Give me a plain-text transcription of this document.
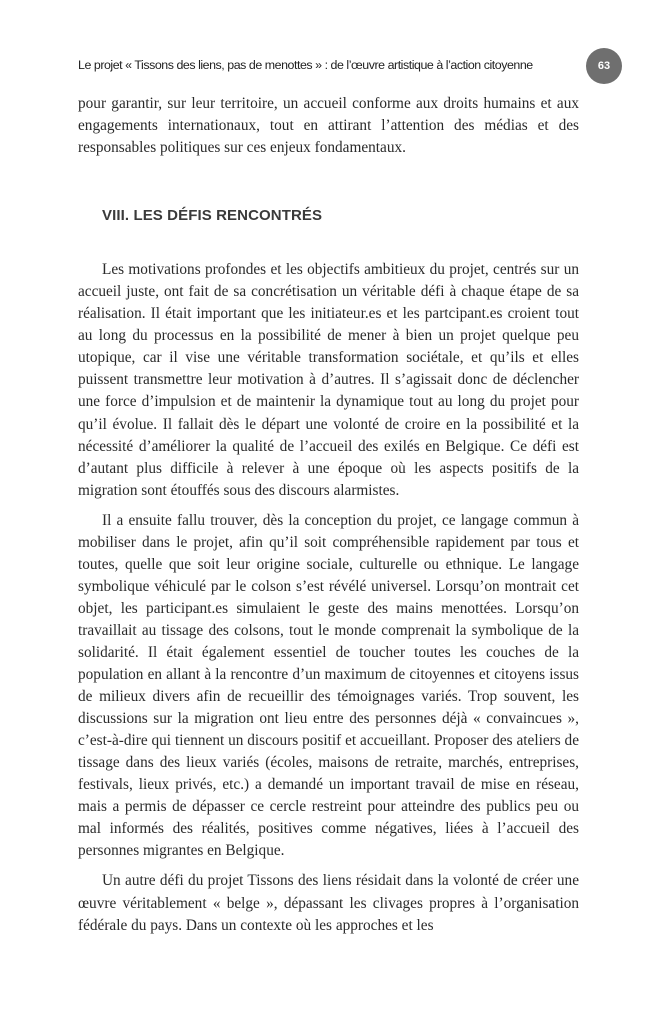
Le projet « Tissons des liens, pas de menottes » : de l’œuvre artistique à l’action citoyenne	63

pour garantir, sur leur territoire, un accueil conforme aux droits humains et aux engagements internationaux, tout en attirant l’attention des médias et des responsables politiques sur ces enjeux fondamentaux.

VIII. LES DÉFIS RENCONTRÉS

Les motivations profondes et les objectifs ambitieux du projet, centrés sur un accueil juste, ont fait de sa concrétisation un véritable défi à chaque étape de sa réalisation. Il était important que les initiateur.es et les partcipant.es croient tout au long du processus en la possibilité de mener à bien un projet quelque peu utopique, car il vise une véritable transformation sociétale, et qu’ils et elles puissent transmettre leur motivation à d’autres. Il s’agissait donc de déclencher une force d’impulsion et de maintenir la dynamique tout au long du projet pour qu’il évolue. Il fallait dès le départ une volonté de croire en la possibilité et la nécessité d’améliorer la qualité de l’accueil des exilés en Belgique. Ce défi est d’autant plus difficile à relever à une époque où les aspects positifs de la migration sont étouffés sous des discours alarmistes.

Il a ensuite fallu trouver, dès la conception du projet, ce langage commun à mobiliser dans le projet, afin qu’il soit compréhensible rapidement par tous et toutes, quelle que soit leur origine sociale, culturelle ou ethnique. Le langage symbolique véhiculé par le colson s’est révélé universel. Lorsqu’on montrait cet objet, les participant.es simulaient le geste des mains menottées. Lorsqu’on travaillait au tissage des colsons, tout le monde comprenait la symbolique de la solidarité. Il était également essentiel de toucher toutes les couches de la population en allant à la rencontre d’un maximum de citoyennes et citoyens issus de milieux divers afin de recueillir des témoignages variés. Trop souvent, les discussions sur la migration ont lieu entre des personnes déjà « convaincues », c’est-à-dire qui tiennent un discours positif et accueillant. Proposer des ateliers de tissage dans des lieux variés (écoles, maisons de retraite, marchés, entreprises, festivals, lieux privés, etc.) a demandé un important travail de mise en réseau, mais a permis de dépasser ce cercle restreint pour atteindre des publics peu ou mal informés des réalités, positives comme négatives, liées à l’accueil des personnes migrantes en Belgique.

Un autre défi du projet Tissons des liens résidait dans la volonté de créer une œuvre véritablement « belge », dépassant les clivages propres à l’organisation fédérale du pays. Dans un contexte où les approches et les
